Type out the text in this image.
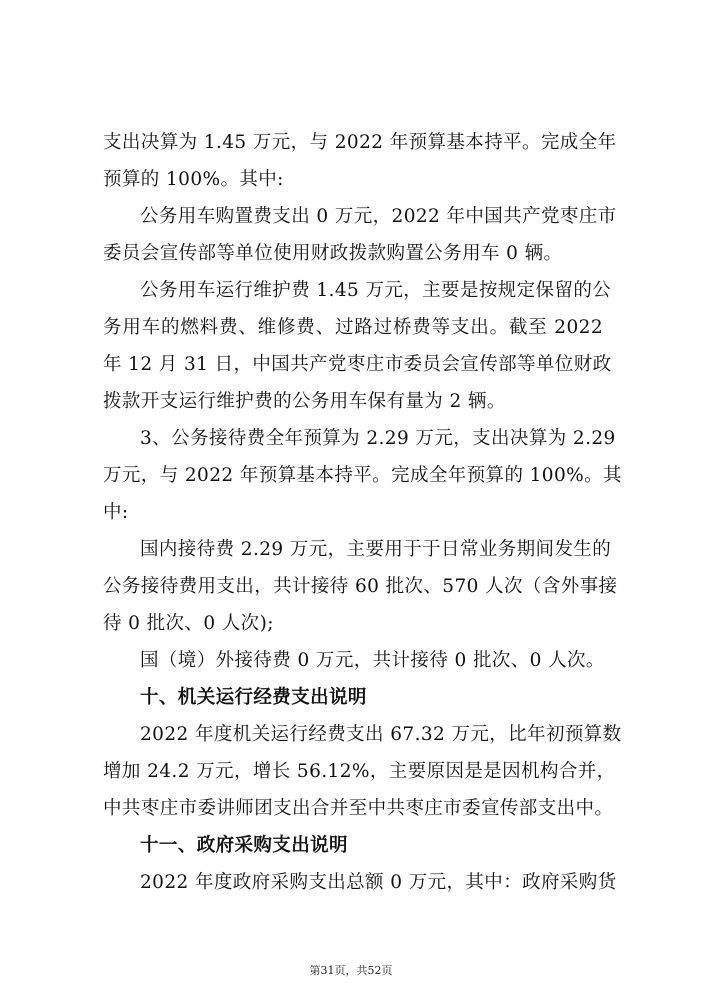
支出决算为 1.45 万元，与 2022 年预算基本持平。完成全年
预算的 100%。其中:
公务用车购置费支出 0 万元，2022 年中国共产党枣庄市
委员会宣传部等单位使用财政拨款购置公务用车 0 辆。
公务用车运行维护费 1.45 万元，主要是按规定保留的公
务用车的燃料费、维修费、过路过桥费等支出。截至 2022
年 12 月 31 日，中国共产党枣庄市委员会宣传部等单位财政
拨款开支运行维护费的公务用车保有量为 2 辆。
3、公务接待费全年预算为 2.29 万元，支出决算为 2.29
万元，与 2022 年预算基本持平。完成全年预算的 100%。其
中:
国内接待费 2.29 万元，主要用于于日常业务期间发生的
公务接待费用支出，共计接待 60 批次、570 人次（含外事接
待 0 批次、0 人次);
国（境）外接待费 0 万元，共计接待 0 批次、0 人次。
十、机关运行经费支出说明
2022 年度机关运行经费支出 67.32 万元，比年初预算数
增加 24.2 万元，增长 56.12%，主要原因是是因机构合并，
中共枣庄市委讲师团支出合并至中共枣庄市委宣传部支出中。
十一、政府采购支出说明
2022 年度政府采购支出总额 0 万元，其中：政府采购货
第31页，共52页
